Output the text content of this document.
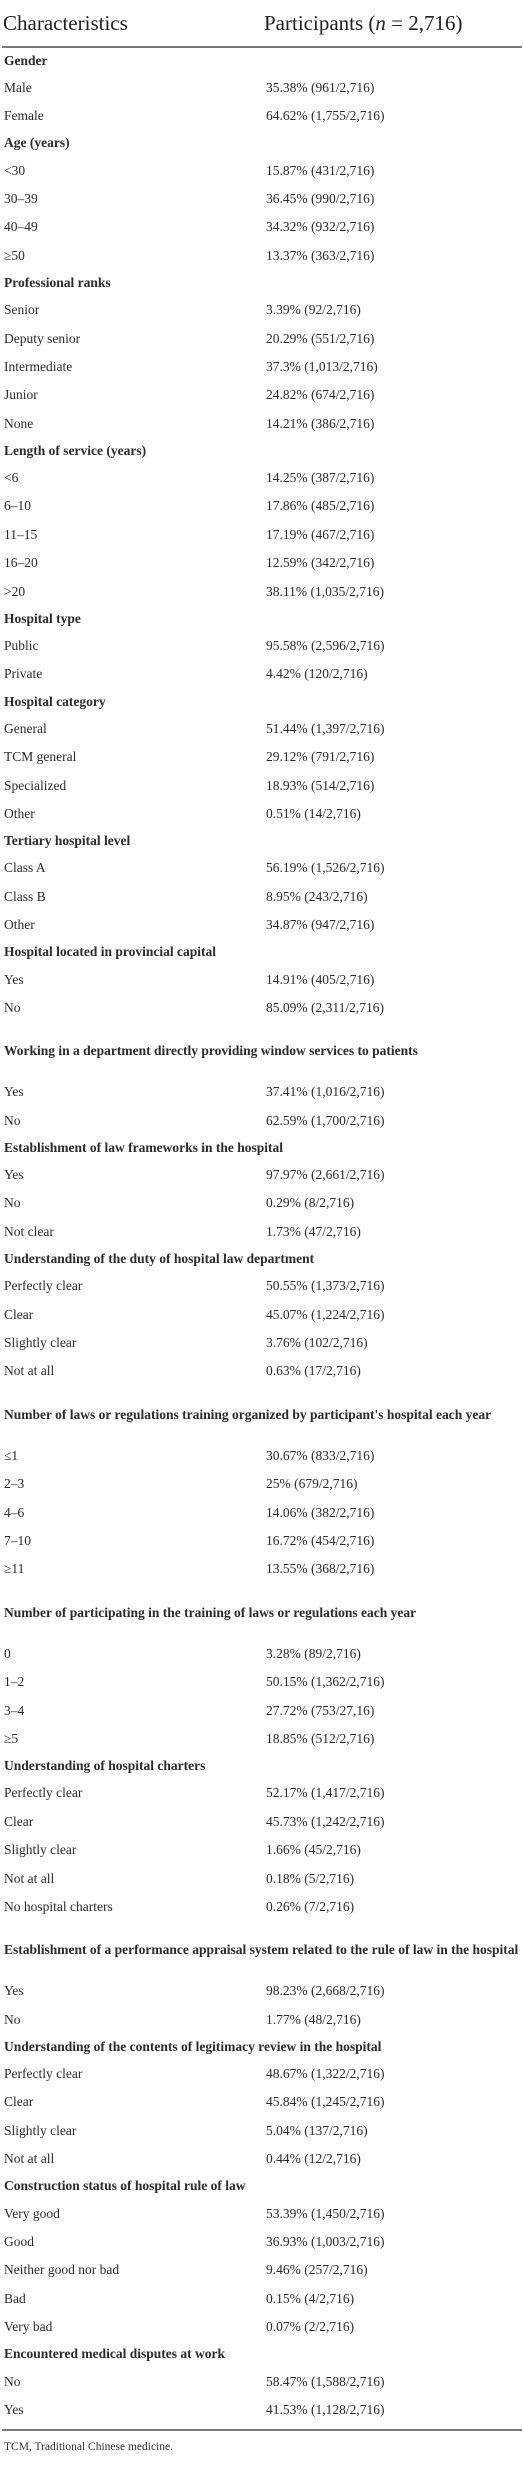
Characteristics	Participants (n = 2,716)
Gender
Male	35.38% (961/2,716)
Female	64.62% (1,755/2,716)
Age (years)
<30	15.87% (431/2,716)
30–39	36.45% (990/2,716)
40–49	34.32% (932/2,716)
≥50	13.37% (363/2,716)
Professional ranks
Senior	3.39% (92/2,716)
Deputy senior	20.29% (551/2,716)
Intermediate	37.3% (1,013/2,716)
Junior	24.82% (674/2,716)
None	14.21% (386/2,716)
Length of service (years)
<6	14.25% (387/2,716)
6–10	17.86% (485/2,716)
11–15	17.19% (467/2,716)
16–20	12.59% (342/2,716)
>20	38.11% (1,035/2,716)
Hospital type
Public	95.58% (2,596/2,716)
Private	4.42% (120/2,716)
Hospital category
General	51.44% (1,397/2,716)
TCM general	29.12% (791/2,716)
Specialized	18.93% (514/2,716)
Other	0.51% (14/2,716)
Tertiary hospital level
Class A	56.19% (1,526/2,716)
Class B	8.95% (243/2,716)
Other	34.87% (947/2,716)
Hospital located in provincial capital
Yes	14.91% (405/2,716)
No	85.09% (2,311/2,716)
Working in a department directly providing window services to patients
Yes	37.41% (1,016/2,716)
No	62.59% (1,700/2,716)
Establishment of law frameworks in the hospital
Yes	97.97% (2,661/2,716)
No	0.29% (8/2,716)
Not clear	1.73% (47/2,716)
Understanding of the duty of hospital law department
Perfectly clear	50.55% (1,373/2,716)
Clear	45.07% (1,224/2,716)
Slightly clear	3.76% (102/2,716)
Not at all	0.63% (17/2,716)
Number of laws or regulations training organized by participant's hospital each year
≤1	30.67% (833/2,716)
2–3	25% (679/2,716)
4–6	14.06% (382/2,716)
7–10	16.72% (454/2,716)
≥11	13.55% (368/2,716)
Number of participating in the training of laws or regulations each year
0	3.28% (89/2,716)
1–2	50.15% (1,362/2,716)
3–4	27.72% (753/27,16)
≥5	18.85% (512/2,716)
Understanding of hospital charters
Perfectly clear	52.17% (1,417/2,716)
Clear	45.73% (1,242/2,716)
Slightly clear	1.66% (45/2,716)
Not at all	0.18% (5/2,716)
No hospital charters	0.26% (7/2,716)
Establishment of a performance appraisal system related to the rule of law in the hospital
Yes	98.23% (2,668/2,716)
No	1.77% (48/2,716)
Understanding of the contents of legitimacy review in the hospital
Perfectly clear	48.67% (1,322/2,716)
Clear	45.84% (1,245/2,716)
Slightly clear	5.04% (137/2,716)
Not at all	0.44% (12/2,716)
Construction status of hospital rule of law
Very good	53.39% (1,450/2,716)
Good	36.93% (1,003/2,716)
Neither good nor bad	9.46% (257/2,716)
Bad	0.15% (4/2,716)
Very bad	0.07% (2/2,716)
Encountered medical disputes at work
No	58.47% (1,588/2,716)
Yes	41.53% (1,128/2,716)
TCM, Traditional Chinese medicine.
